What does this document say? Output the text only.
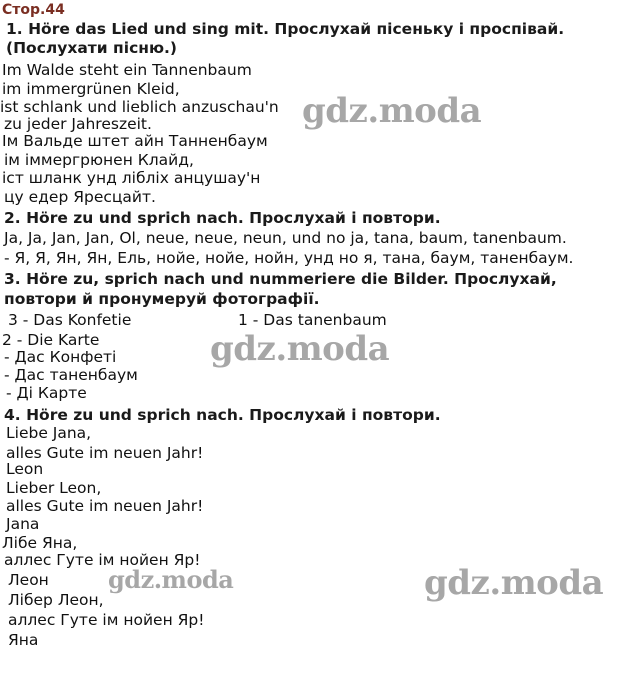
Стор.44
1. Höre das Lied und sing mit. Прослухай пісеньку і проспівай.
(Послухати пісню.)
Im Walde steht ein Tannenbaum
im immergrünen Kleid,
ist schlank und lieblich anzuschau'n
zu jeder Jahreszeit.
Ім Вальде штет айн Танненбаум
ім іммергрюнен Клайд,
іст шланк унд ліблiх анцушау'н
цу едер Яресцайт.
2. Höre zu und sprich nach. Прослухай і повтори.
Ja, Ja, Jan, Jan, Ol, neue, neue, neun, und no ja, tana, baum, tanenbaum.
- Я, Я, Ян, Ян, Ель, нойе, нойе, нойн, унд но я, тана, баум, таненбаум.
3. Höre zu, sprich nach und nummeriere die Bilder. Прослухай,
повтори й пронумеруй фотографії.
3 - Das Konfetie	1 - Das tanenbaum
2 - Die Karte
- Дас Конфеті
- Дас таненбаум
- Ді Карте
4. Höre zu und sprich nach. Прослухай і повтори.
Liebe Jana,
alles Gute im neuen Jahr!
Leon
Lieber Leon,
alles Gute im neuen Jahr!
Jana
Лібе Яна,
аллес Гуте ім нойен Яр!
Леон
Лібер Леон,
аллес Гуте ім нойен Яр!
Яна
gdz.moda
gdz.moda
gdz.moda	gdz.moda
